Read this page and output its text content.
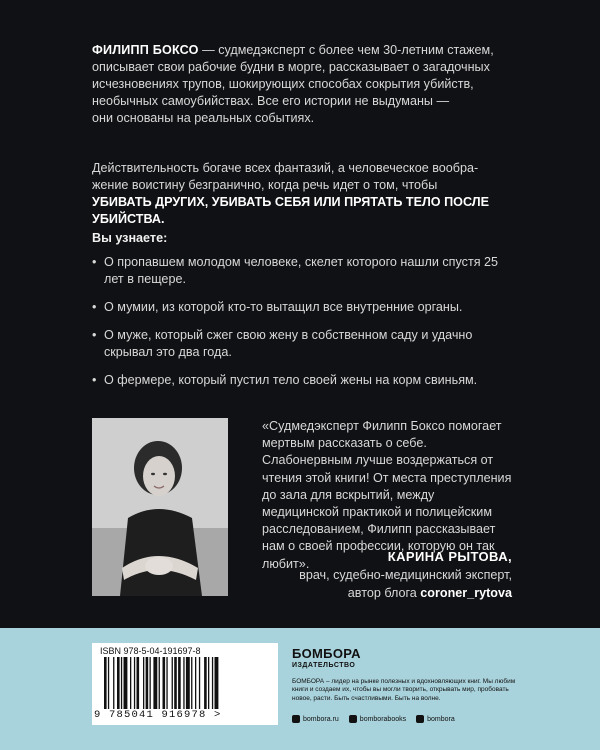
ФИЛИПП БОКСО — судмедэксперт с более чем 30-летним стажем,
описывает свои рабочие будни в морге, рассказывает о загадочных
исчезновениях трупов, шокирующих способах сокрытия убийств,
необычных самоубийствах. Все его истории не выдуманы —
они основаны на реальных событиях.
Действительность богаче всех фантазий, а человеческое вообра-
жение воистину безгранично, когда речь идет о том, чтобы
УБИВАТЬ ДРУГИХ, УБИВАТЬ СЕБЯ ИЛИ ПРЯТАТЬ ТЕЛО ПОСЛЕ УБИЙСТВА.
Вы узнаете:
• О пропавшем молодом человеке, скелет которого нашли спустя 25 лет в пещере.
• О мумии, из которой кто-то вытащил все внутренние органы.
• О муже, который сжег свою жену в собственном саду и удачно скрывал это два года.
• О фермере, который пустил тело своей жены на корм свиньям.
«Судмедэксперт Филипп Боксо помогает мертвым рассказать о себе. Слабонервным лучше воздержаться от чтения этой книги! От места преступления до зала для вскрытий, между медицинской практикой и полицейским расследованием, Филипп рассказывает нам о своей профессии, которую он так любит».	КАРИНА РЫТОВА,
врач, судебно-медицинский эксперт,
автор блога coroner_rytova
ISBN 978-5-04-191697-8
9 785041 916978 >
БОМБОРА
ИЗДАТЕЛЬСТВО
БОМБОРА – лидер на рынке полезных и вдохновляющих книг. Мы любим книги и создаем их, чтобы вы могли творить, открывать мир, пробовать новое, расти. Быть счастливыми. Быть на волне.
bombora.ru	bomborabooks	bombora
